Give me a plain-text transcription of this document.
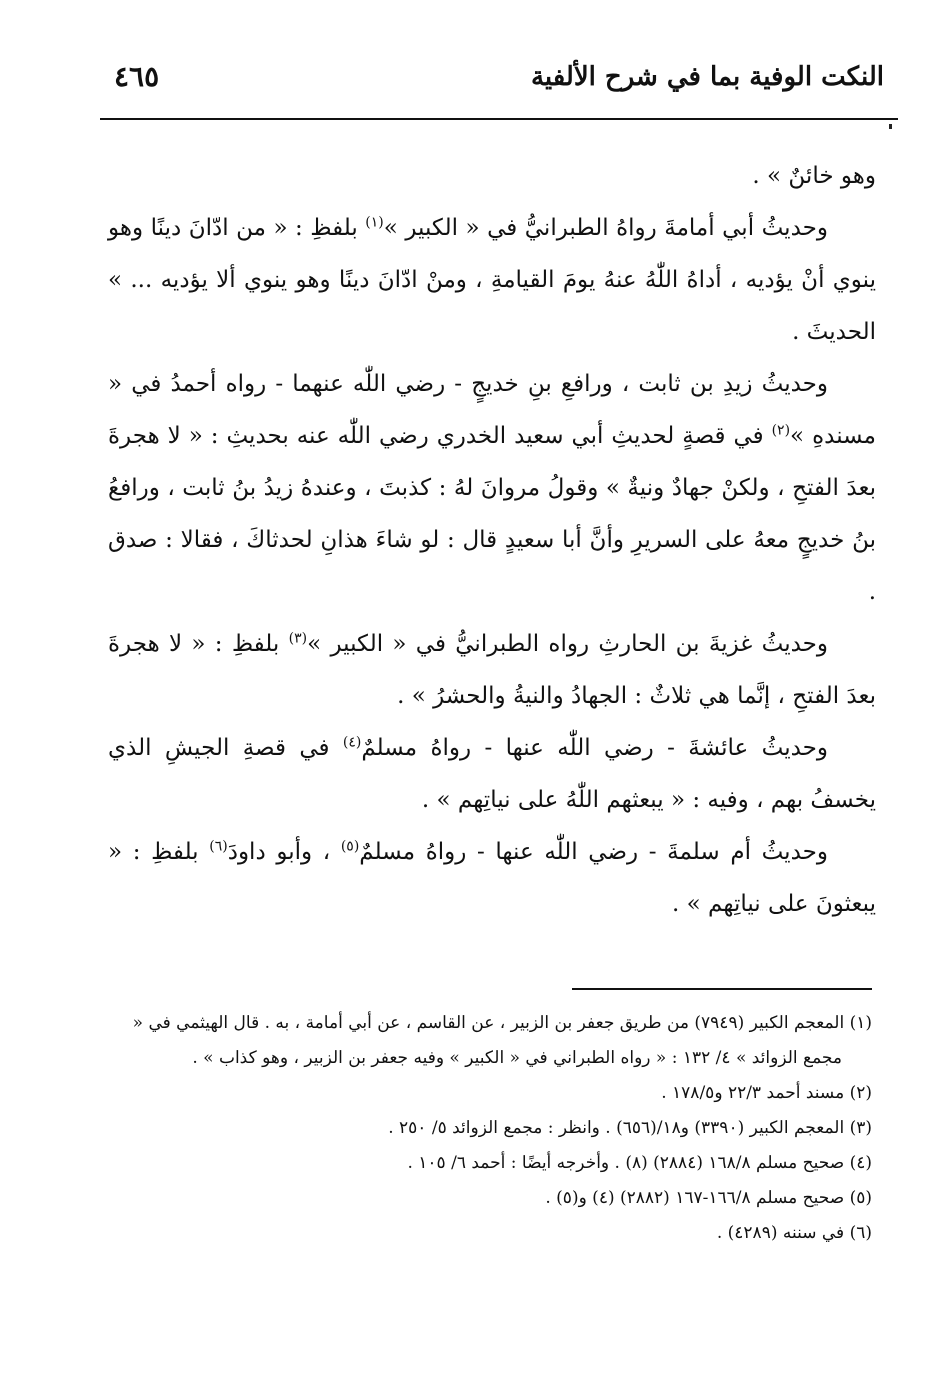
النكت الوفية بما في شرح الألفية
٤٦٥

وهو خائنٌ » .

وحديثُ أبي أمامةَ رواهُ الطبرانيُّ في « الكبير »$^{(١)}$ بلفظِ : « من ادّانَ دينًا وهو ينوي أنْ يؤديه ، أداهُ اللّٰهُ عنهُ يومَ القيامةِ ، ومنْ ادّانَ دينًا وهو ينوي ألا يؤديه ... » الحديثَ .

وحديثُ زيدِ بن ثابت ، ورافعِ بنِ خديجٍ - رضي اللّٰه عنهما - رواه أحمدُ في « مسندهِ »$^{(٢)}$ في قصةٍ لحديثِ أبي سعيد الخدري رضي اللّٰه عنه بحديثِ : « لا هجرةَ بعدَ الفتحِ ، ولكنْ جهادٌ ونيةٌ » وقولُ مروانَ لهُ : كذبتَ ، وعندهُ زيدُ بنُ ثابت ، ورافعُ بنُ خديجٍ معهُ على السريرِ وأنَّ أبا سعيدٍ قال : لو شاءَ هذانِ لحدثاكَ ، فقالا : صدق .

وحديثُ غزيةَ بن الحارثِ رواه الطبرانيُّ في « الكبير »$^{(٣)}$ بلفظِ : « لا هجرةَ بعدَ الفتحِ ، إنَّما هي ثلاثٌ : الجهادُ والنيةُ والحشرُ » .

وحديثُ عائشةَ - رضي اللّٰه عنها - رواهُ مسلمٌ$^{(٤)}$ في قصةِ الجيشِ الذي يخسفُ بهم ، وفيه : « يبعثهم اللّٰهُ على نياتِهم » .

وحديثُ أم سلمةَ - رضي اللّٰه عنها - رواهُ مسلمٌ$^{(٥)}$ ، وأبو داودَ$^{(٦)}$ بلفظِ : « يبعثونَ على نياتِهم » .

(١) المعجم الكبير (٧٩٤٩) من طريق جعفر بن الزبير ، عن القاسم ، عن أبي أمامة ، به . قال الهيثمي في « مجمع الزوائد » ٤/ ١٣٢ : « رواه الطبراني في « الكبير » وفيه جعفر بن الزبير ، وهو كذاب » .

(٢) مسند أحمد ٢٢/٣ و١٧٨/٥ .

(٣) المعجم الكبير (٣٣٩٠) و١٨/(٦٥٦) . وانظر : مجمع الزوائد ٥/ ٢٥٠ .

(٤) صحيح مسلم ١٦٨/٨ (٢٨٨٤) (٨) . وأخرجه أيضًا : أحمد ٦/ ١٠٥ .

(٥) صحيح مسلم ١٦٦/٨-١٦٧ (٢٨٨٢) (٤) و(٥) .

(٦) في سننه (٤٢٨٩) .
